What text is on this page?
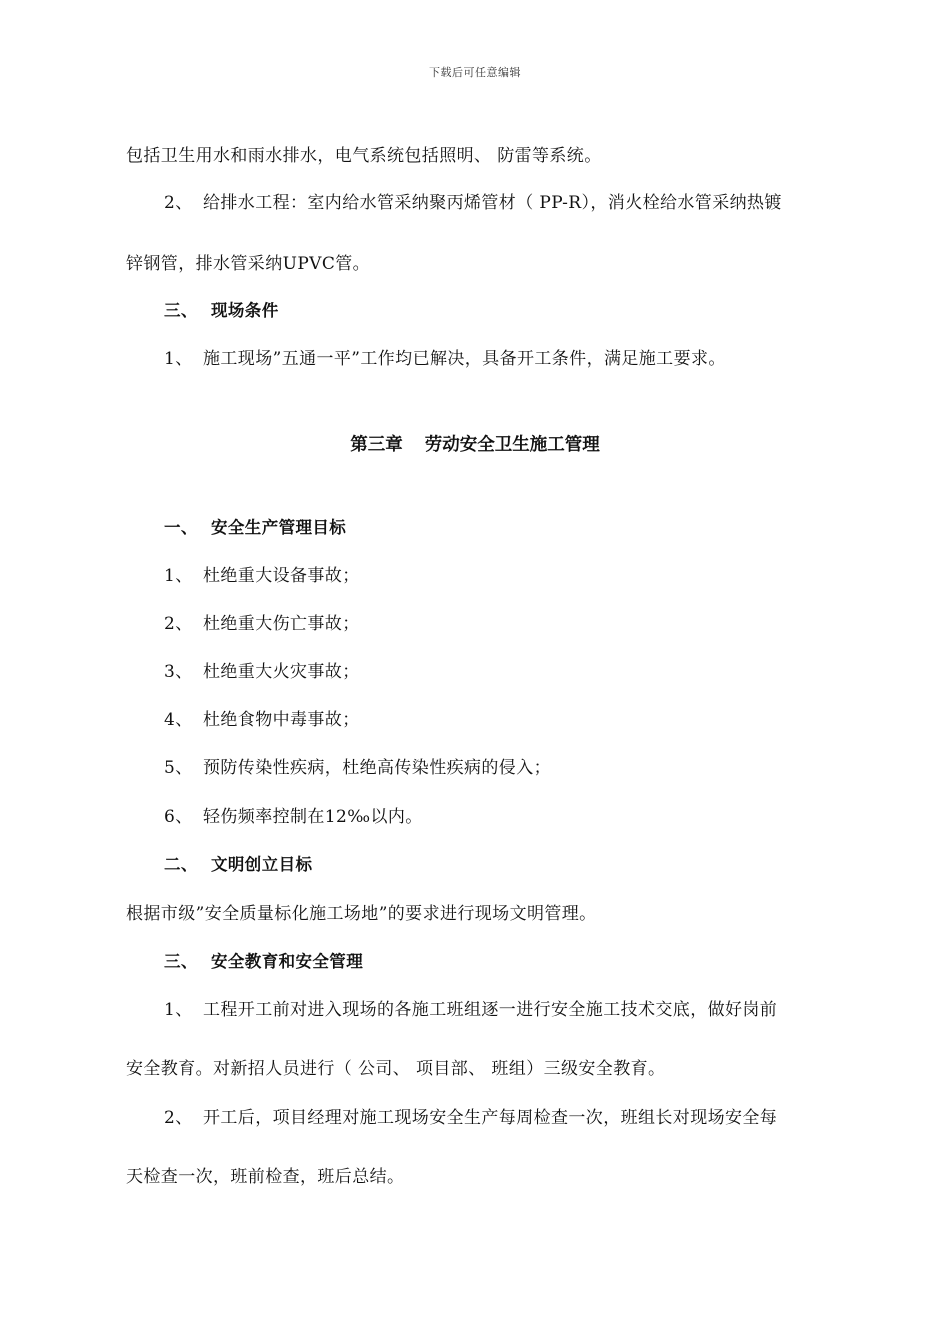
下载后可任意编辑

包括卫生用水和雨水排水，电气系统包括照明、 防雷等系统。

2、 给排水工程：室内给水管采纳聚丙烯管材（ PP-R），消火栓给水管采纳热镀

锌钢管，排水管采纳UPVC管。

三、 现场条件

1、 施工现场”五通一平”工作均已解决，具备开工条件，满足施工要求。

第三章 劳动安全卫生施工管理

一、 安全生产管理目标

1、 杜绝重大设备事故；

2、 杜绝重大伤亡事故；

3、 杜绝重大火灾事故；

4、 杜绝食物中毒事故；

5、 预防传染性疾病，杜绝高传染性疾病的侵入；

6、 轻伤频率控制在12‰以内。

二、 文明创立目标

根据市级”安全质量标化施工场地”的要求进行现场文明管理。

三、 安全教育和安全管理

1、 工程开工前对进入现场的各施工班组逐一进行安全施工技术交底，做好岗前

安全教育。对新招人员进行（ 公司、 项目部、 班组）三级安全教育。

2、 开工后，项目经理对施工现场安全生产每周检查一次，班组长对现场安全每

天检查一次，班前检查，班后总结。
